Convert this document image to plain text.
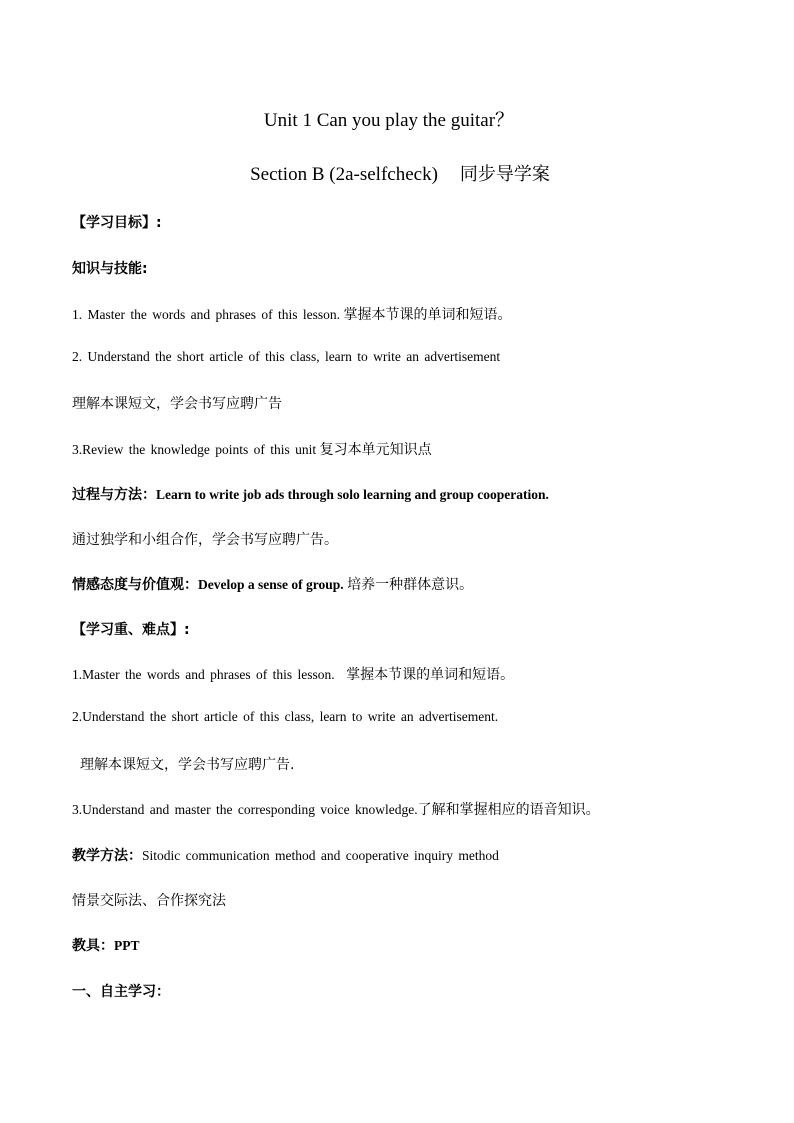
Unit 1 Can you play the guitar？
Section B (2a-selfcheck) 同步导学案
【学习目标】:
知识与技能:
1. Master the words and phrases of this lesson. 掌握本节课的单词和短语。
2. Understand the short article of this class, learn to write an advertisement
理解本课短文，学会书写应聘广告
3.Review the knowledge points of this unit 复习本单元知识点
过程与方法：Learn to write job ads through solo learning and group cooperation.
通过独学和小组合作，学会书写应聘广告。
情感态度与价值观：Develop a sense of group. 培养一种群体意识。
【学习重、难点】:
1.Master the words and phrases of this lesson. 掌握本节课的单词和短语。
2.Understand the short article of this class, learn to write an advertisement.
理解本课短文，学会书写应聘广告.
3.Understand and master the corresponding voice knowledge.了解和掌握相应的语音知识。
教学方法：Sitodic communication method and cooperative inquiry method
情景交际法、合作探究法
教具：PPT
一、自主学习：
